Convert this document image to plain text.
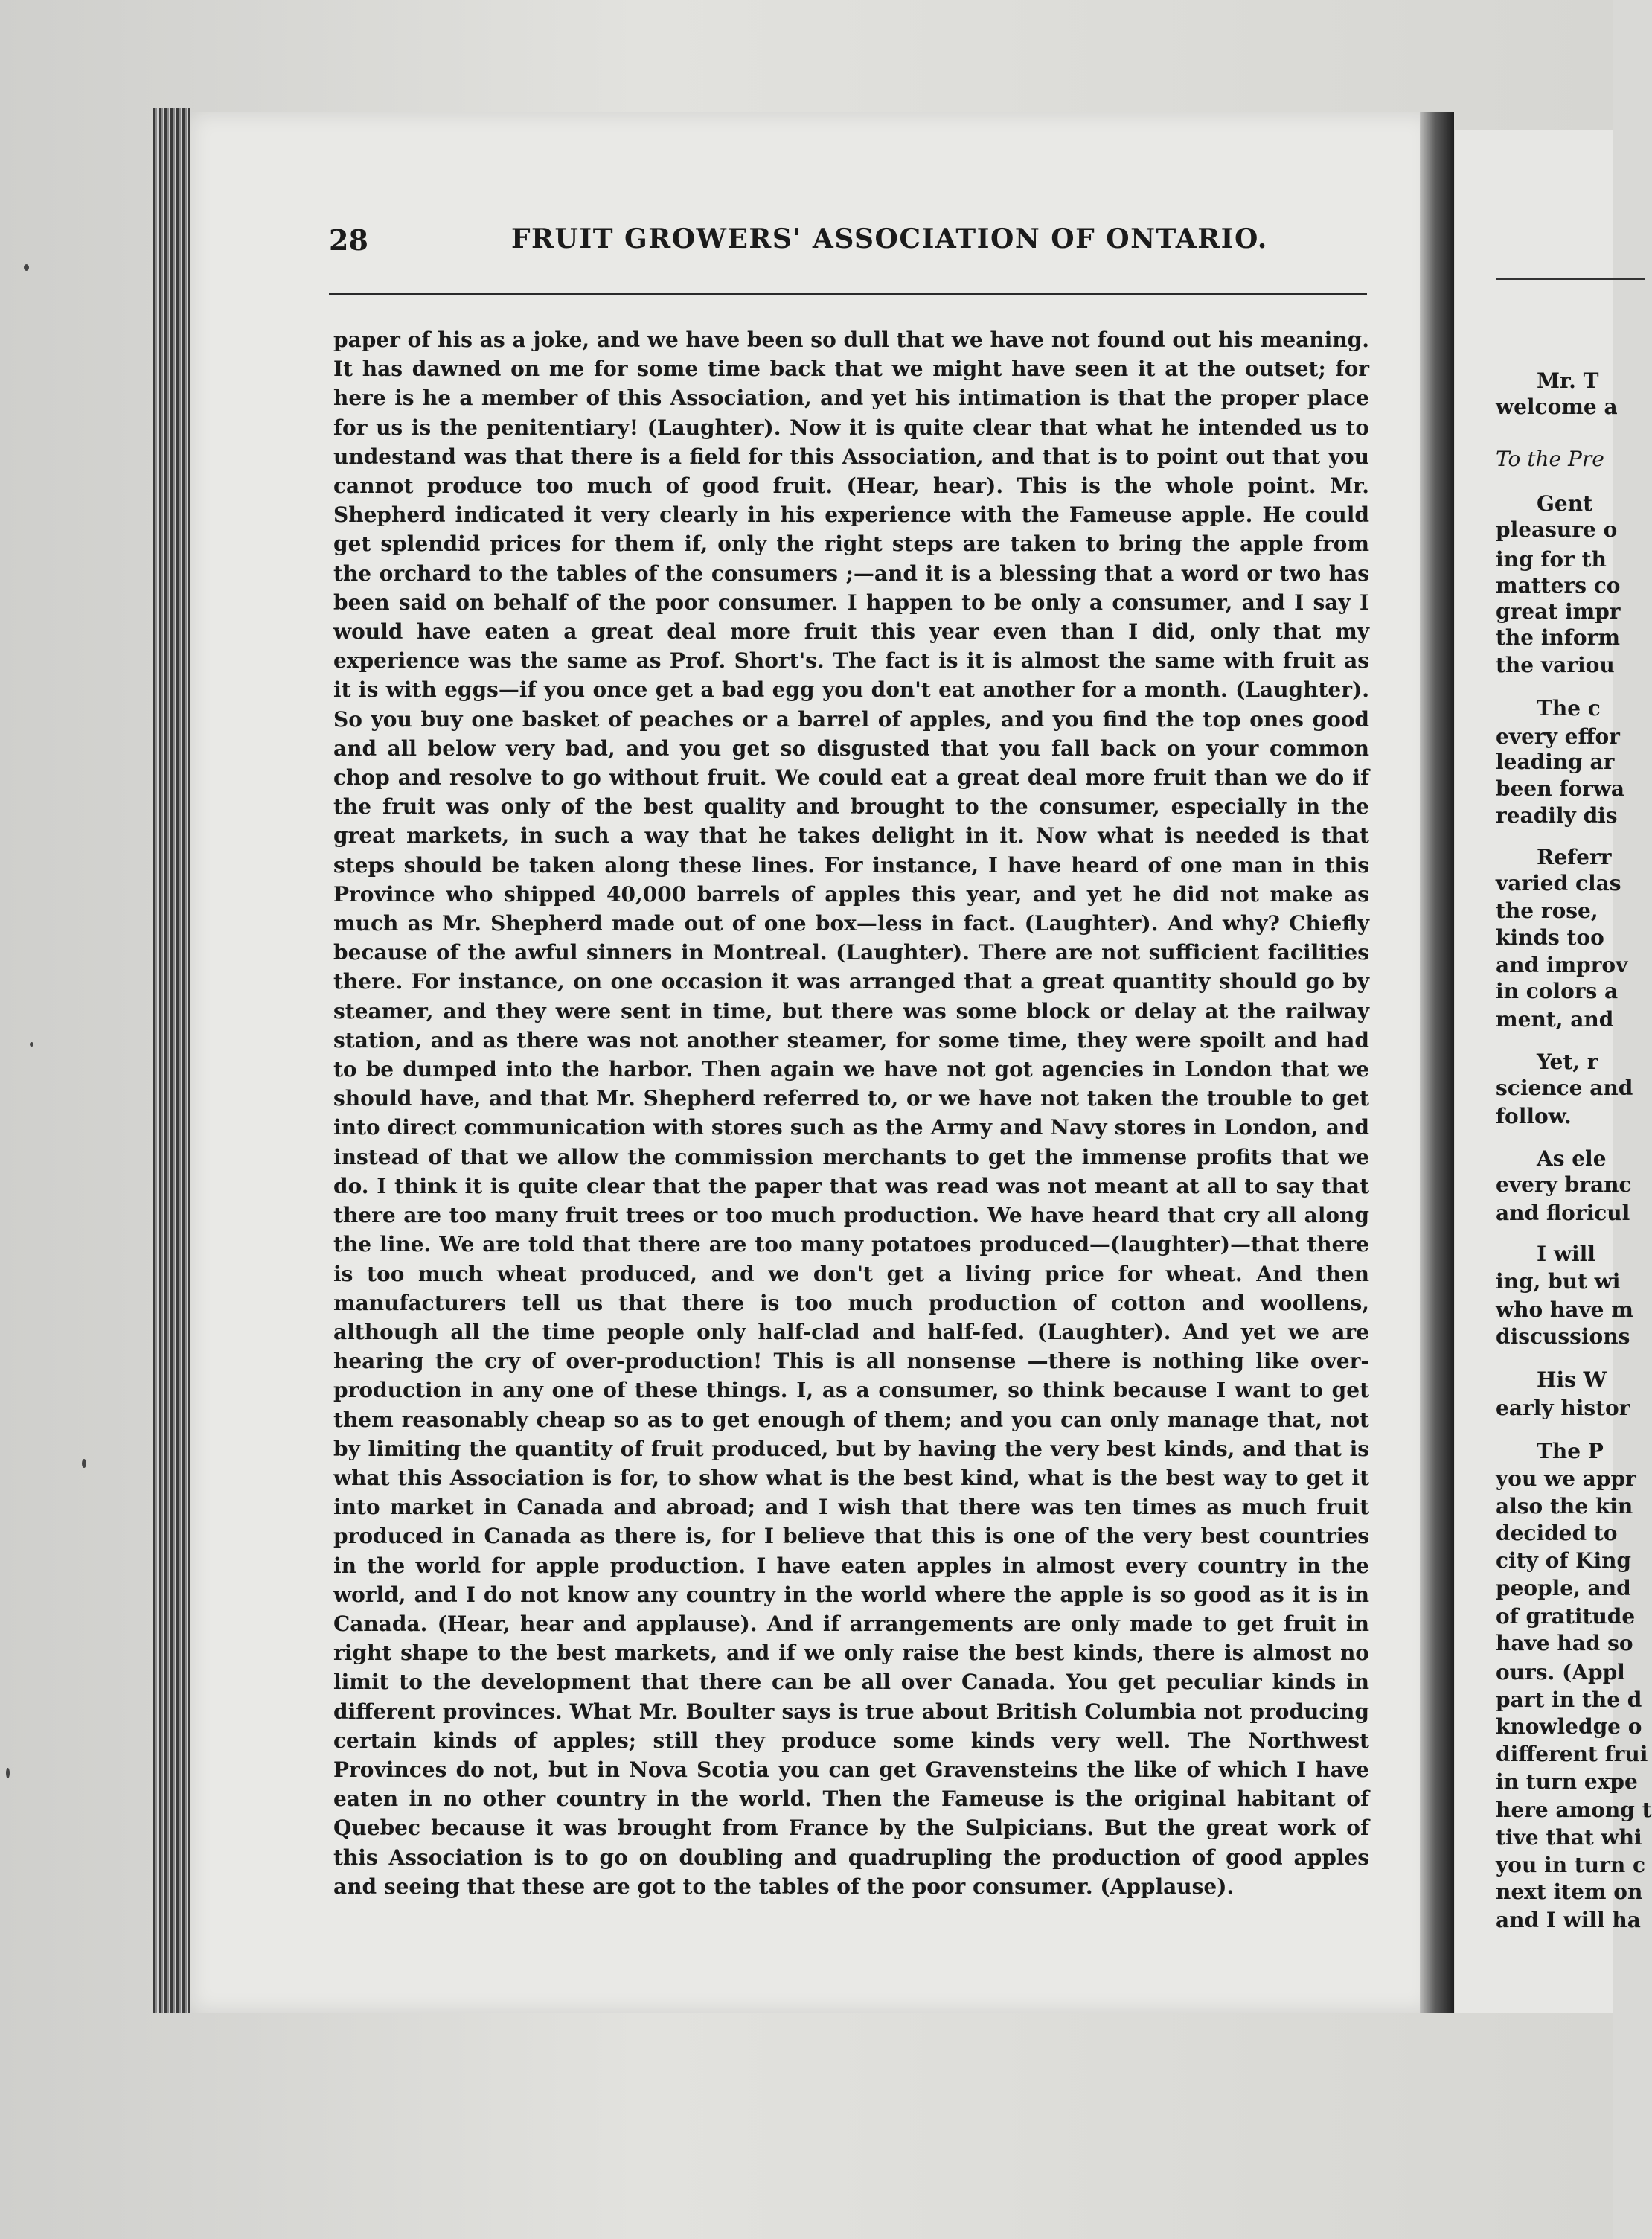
28	FRUIT GROWERS' ASSOCIATION OF ONTARIO.
paper of his as a joke, and we have been so dull that we have not found out his meaning. It has dawned on me for some time back that we might have seen it at the outset; for here is he a member of this Association, and yet his intimation is that the proper place for us is the penitentiary! (Laughter). Now it is quite clear that what he intended us to undestand was that there is a field for this Association, and that is to point out that you cannot produce too much of good fruit. (Hear, hear). This is the whole point. Mr. Shepherd indicated it very clearly in his experience with the Fameuse apple. He could get splendid prices for them if, only the right steps are taken to bring the apple from the orchard to the tables of the consumers ;—and it is a blessing that a word or two has been said on behalf of the poor consumer. I happen to be only a consumer, and I say I would have eaten a great deal more fruit this year even than I did, only that my experience was the same as Prof. Short's. The fact is it is almost the same with fruit as it is with eggs—if you once get a bad egg you don't eat another for a month. (Laughter). So you buy one basket of peaches or a barrel of apples, and you find the top ones good and all below very bad, and you get so disgusted that you fall back on your common chop and resolve to go without fruit. We could eat a great deal more fruit than we do if the fruit was only of the best quality and brought to the consumer, especially in the great markets, in such a way that he takes delight in it. Now what is needed is that steps should be taken along these lines. For instance, I have heard of one man in this Province who shipped 40,000 barrels of apples this year, and yet he did not make as much as Mr. Shepherd made out of one box—less in fact. (Laughter). And why? Chiefly because of the awful sinners in Montreal. (Laughter). There are not sufficient facilities there. For instance, on one occasion it was arranged that a great quantity should go by steamer, and they were sent in time, but there was some block or delay at the railway station, and as there was not another steamer, for some time, they were spoilt and had to be dumped into the harbor. Then again we have not got agencies in London that we should have, and that Mr. Shepherd referred to, or we have not taken the trouble to get into direct communication with stores such as the Army and Navy stores in London, and instead of that we allow the commission merchants to get the immense profits that we do. I think it is quite clear that the paper that was read was not meant at all to say that there are too many fruit trees or too much production. We have heard that cry all along the line. We are told that there are too many potatoes produced—(laughter)—that there is too much wheat produced, and we don't get a living price for wheat. And then manufacturers tell us that there is too much production of cotton and woollens, although all the time people only half-clad and half-fed. (Laughter). And yet we are hearing the cry of over-production! This is all nonsense —there is nothing like over-production in any one of these things. I, as a consumer, so think because I want to get them reasonably cheap so as to get enough of them; and you can only manage that, not by limiting the quantity of fruit produced, but by having the very best kinds, and that is what this Association is for, to show what is the best kind, what is the best way to get it into market in Canada and abroad; and I wish that there was ten times as much fruit produced in Canada as there is, for I believe that this is one of the very best countries in the world for apple production. I have eaten apples in almost every country in the world, and I do not know any country in the world where the apple is so good as it is in Canada. (Hear, hear and applause). And if arrangements are only made to get fruit in right shape to the best markets, and if we only raise the best kinds, there is almost no limit to the development that there can be all over Canada. You get peculiar kinds in different provinces. What Mr. Boulter says is true about British Columbia not producing certain kinds of apples; still they produce some kinds very well. The Northwest Provinces do not, but in Nova Scotia you can get Gravensteins the like of which I have eaten in no other country in the world. Then the Fameuse is the original habitant of Quebec because it was brought from France by the Sulpicians. But the great work of this Association is to go on doubling and quadrupling the production of good apples and seeing that these are got to the tables of the poor consumer. (Applause).
Mr. T
welcome a
To the Pre
Gent
pleasure o
ing for th
matters co
great impr
the inform
the variou
The c
every effor
leading ar
been forwa
readily dis
Referr
varied clas
the rose,
kinds too
and improv
in colors a
ment, and
Yet, r
science and
follow.
As ele
every branc
and floricul
I will
ing, but wi
who have m
discussions
His W
early histor
The P
you we appr
also the kin
decided to
city of King
people, and
of gratitude
have had so
ours. (Appl
part in the d
knowledge o
different frui
in turn expe
here among t
tive that whi
you in turn c
next item on
and I will ha
